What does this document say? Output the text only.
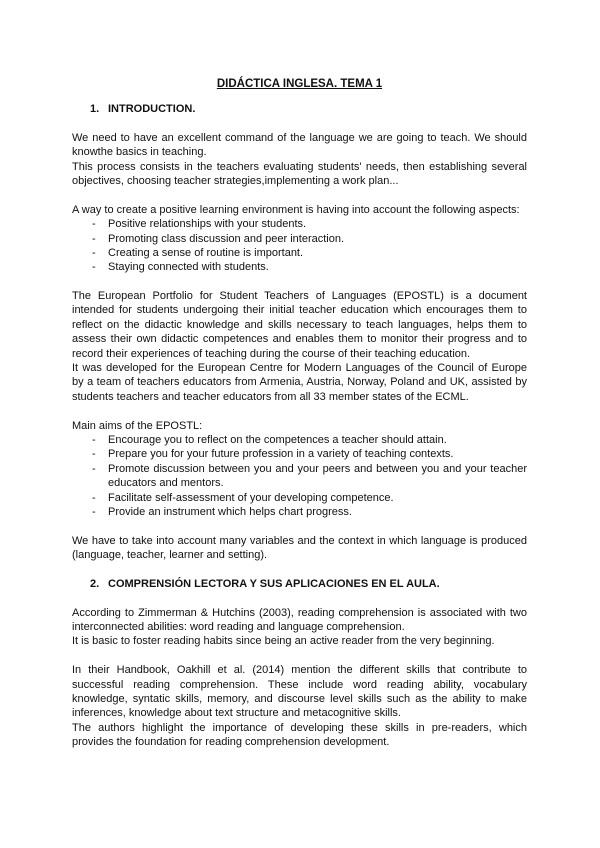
DIDÁCTICA INGLESA. TEMA 1
1. INTRODUCTION.
We need to have an excellent command of the language we are going to teach. We should
knowthe basics in teaching.
This process consists in the teachers evaluating students' needs, then establishing several
objectives, choosing teacher strategies,implementing a work plan...
A way to create a positive learning environment is having into account the following aspects:
- Positive relationships with your students.
- Promoting class discussion and peer interaction.
- Creating a sense of routine is important.
- Staying connected with students.
The European Portfolio for Student Teachers of Languages (EPOSTL) is a document
intended for students undergoing their initial teacher education which encourages them to
reflect on the didactic knowledge and skills necessary to teach languages, helps them to
assess their own didactic competences and enables them to monitor their progress and to
record their experiences of teaching during the course of their teaching education.
It was developed for the European Centre for Modern Languages of the Council of Europe
by a team of teachers educators from Armenia, Austria, Norway, Poland and UK, assisted by
students teachers and teacher educators from all 33 member states of the ECML.
Main aims of the EPOSTL:
- Encourage you to reflect on the competences a teacher should attain.
- Prepare you for your future profession in a variety of teaching contexts.
- Promote discussion between you and your peers and between you and your teacher
educators and mentors.
- Facilitate self-assessment of your developing competence.
- Provide an instrument which helps chart progress.
We have to take into account many variables and the context in which language is produced
(language, teacher, learner and setting).
2. COMPRENSIÓN LECTORA Y SUS APLICACIONES EN EL AULA.
According to Zimmerman & Hutchins (2003), reading comprehension is associated with two
interconnected abilities: word reading and language comprehension.
It is basic to foster reading habits since being an active reader from the very beginning.
In their Handbook, Oakhill et al. (2014) mention the different skills that contribute to
successful reading comprehension. These include word reading ability, vocabulary
knowledge, syntatic skills, memory, and discourse level skills such as the ability to make
inferences, knowledge about text structure and metacognitive skills.
The authors highlight the importance of developing these skills in pre-readers, which
provides the foundation for reading comprehension development.
